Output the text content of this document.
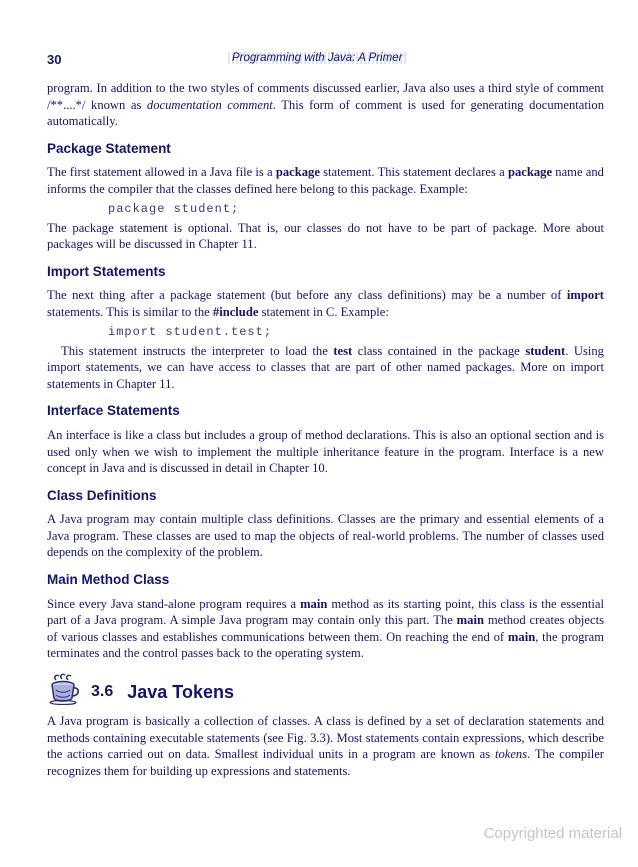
30	Programming with Java: A Primer

program. In addition to the two styles of comments discussed earlier, Java also uses a third style of comment /**....*/ known as documentation comment. This form of comment is used for generating documentation automatically.

Package Statement

The first statement allowed in a Java file is a package statement. This statement declares a package name and informs the compiler that the classes defined here belong to this package. Example:

package student;

The package statement is optional. That is, our classes do not have to be part of package. More about packages will be discussed in Chapter 11.

Import Statements

The next thing after a package statement (but before any class definitions) may be a number of import statements. This is similar to the #include statement in C. Example:

import student.test;

This statement instructs the interpreter to load the test class contained in the package student. Using import statements, we can have access to classes that are part of other named packages. More on import statements in Chapter 11.

Interface Statements

An interface is like a class but includes a group of method declarations. This is also an optional section and is used only when we wish to implement the multiple inheritance feature in the program. Interface is a new concept in Java and is discussed in detail in Chapter 10.

Class Definitions

A Java program may contain multiple class definitions. Classes are the primary and essential elements of a Java program. These classes are used to map the objects of real-world problems. The number of classes used depends on the complexity of the problem.

Main Method Class

Since every Java stand-alone program requires a main method as its starting point, this class is the essential part of a Java program. A simple Java program may contain only this part. The main method creates objects of various classes and establishes communications between them. On reaching the end of main, the program terminates and the control passes back to the operating system.

3.6 Java Tokens

A Java program is basically a collection of classes. A class is defined by a set of declaration statements and methods containing executable statements (see Fig. 3.3). Most statements contain expressions, which describe the actions carried out on data. Smallest individual units in a program are known as tokens. The compiler recognizes them for building up expressions and statements.

Copyrighted material
